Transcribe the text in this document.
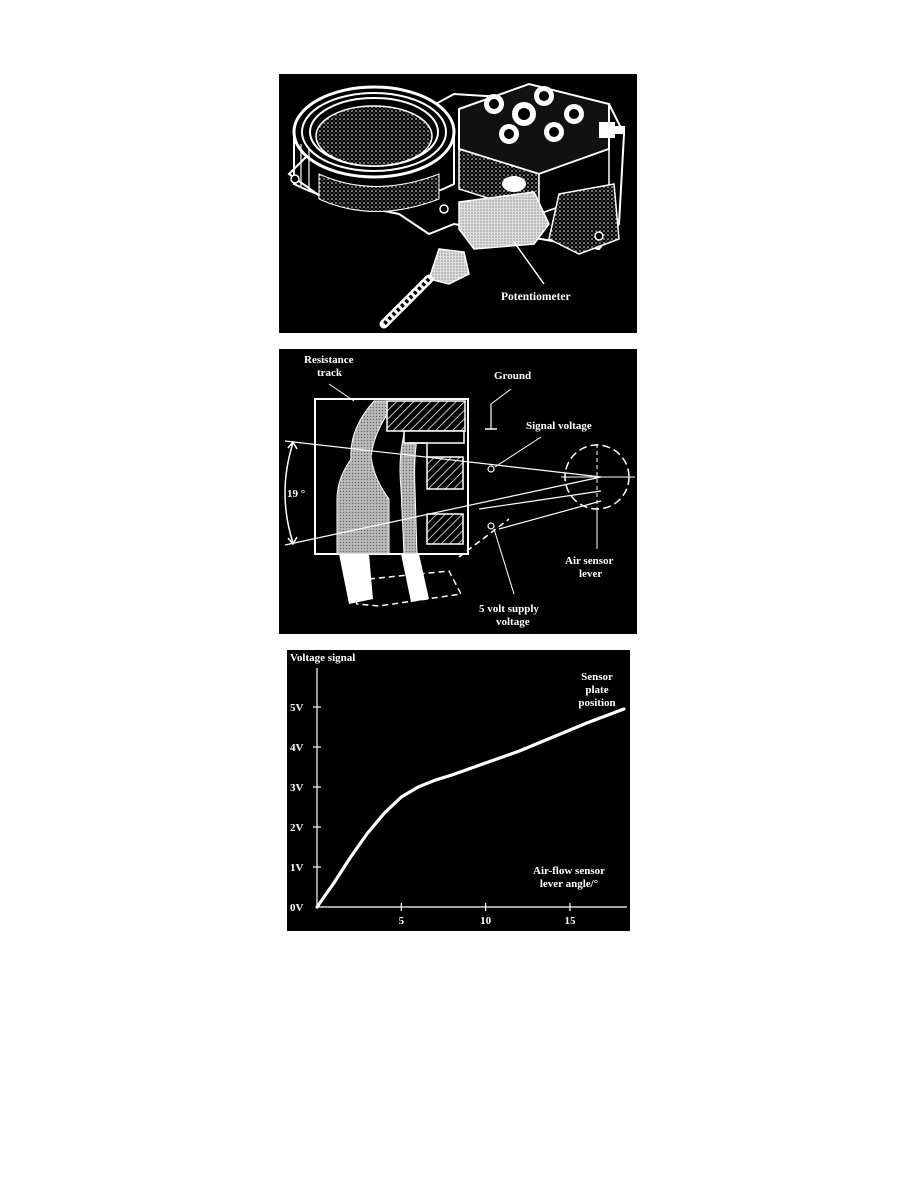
Potentiometer
19 °
Resistance
track	Ground
Signal voltage
Air sensor
lever
5 volt supply
voltage
0V
1V
2V
3V
4V
5V
5	10	15
Voltage signal
Sensor
plate
position
Air-flow sensor
lever angle/°
